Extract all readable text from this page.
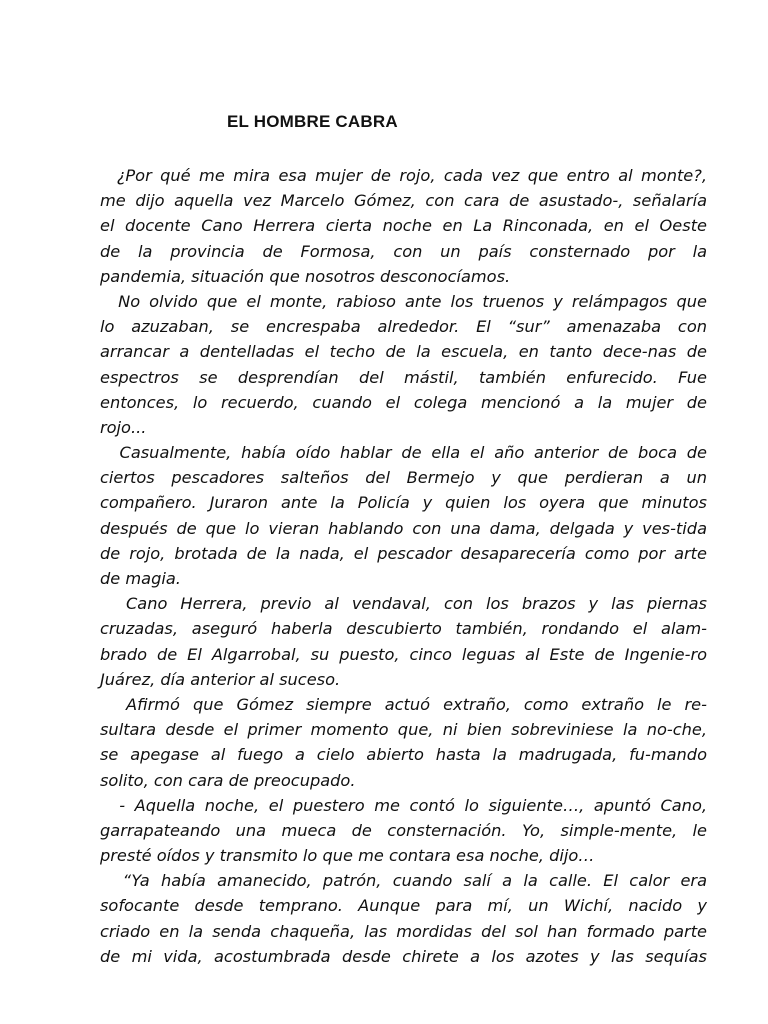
EL HOMBRE CABRA
¿Por qué me mira esa mujer de rojo, cada vez que entro al monte?,
me dijo aquella vez Marcelo Gómez, con cara de asustado-, señalaría
el docente Cano Herrera cierta noche en La Rinconada, en el Oeste
de la provincia de Formosa, con un país consternado por la
pandemia, situación que nosotros desconocíamos.
No olvido que el monte, rabioso ante los truenos y relámpagos que
lo azuzaban, se encrespaba alrededor. El “sur” amenazaba con
arrancar a dentelladas el techo de la escuela, en tanto dece-nas de
espectros se desprendían del mástil, también enfurecido. Fue
entonces, lo recuerdo, cuando el colega mencionó a la mujer de
rojo...
Casualmente, había oído hablar de ella el año anterior de boca de
ciertos pescadores salteños del Bermejo y que perdieran a un
compañero. Juraron ante la Policía y quien los oyera que minutos
después de que lo vieran hablando con una dama, delgada y ves-tida
de rojo, brotada de la nada, el pescador desaparecería como por arte
de magia.
Cano Herrera, previo al vendaval, con los brazos y las piernas
cruzadas, aseguró haberla descubierto también, rondando el alam-
brado de El Algarrobal, su puesto, cinco leguas al Este de Ingenie-ro
Juárez, día anterior al suceso.
Afirmó que Gómez siempre actuó extraño, como extraño le re-
sultara desde el primer momento que, ni bien sobreviniese la no-che,
se apegase al fuego a cielo abierto hasta la madrugada, fu-mando
solito, con cara de preocupado.
- Aquella noche, el puestero me contó lo siguiente…, apuntó Cano,
garrapateando una mueca de consternación. Yo, simple-mente, le
presté oídos y transmito lo que me contara esa noche, dijo…
“Ya había amanecido, patrón, cuando salí a la calle. El calor era
sofocante desde temprano. Aunque para mí, un Wichí, nacido y
criado en la senda chaqueña, las mordidas del sol han formado parte
de mi vida, acostumbrada desde chirete a los azotes y las sequías
